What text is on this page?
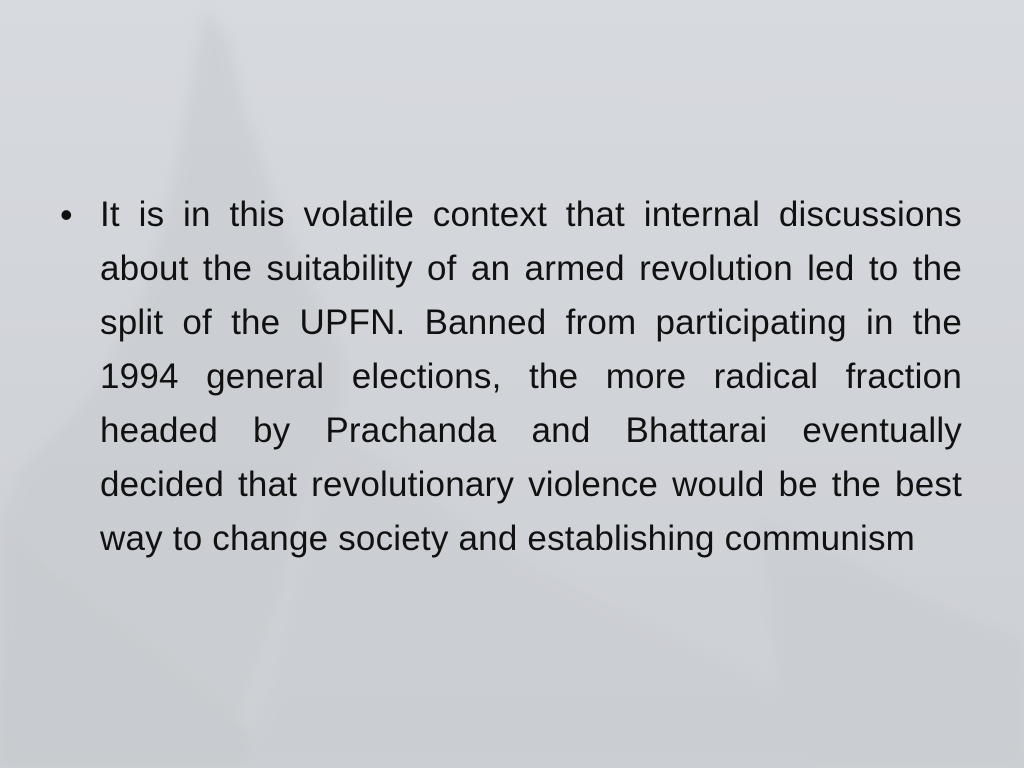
• It is in this volatile context that internal discussions about the suitability of an armed revolution led to the split of the UPFN. Banned from participating in the 1994 general elections, the more radical fraction headed by Prachanda and Bhattarai eventually decided that revolutionary violence would be the best way to change society and establishing communism
